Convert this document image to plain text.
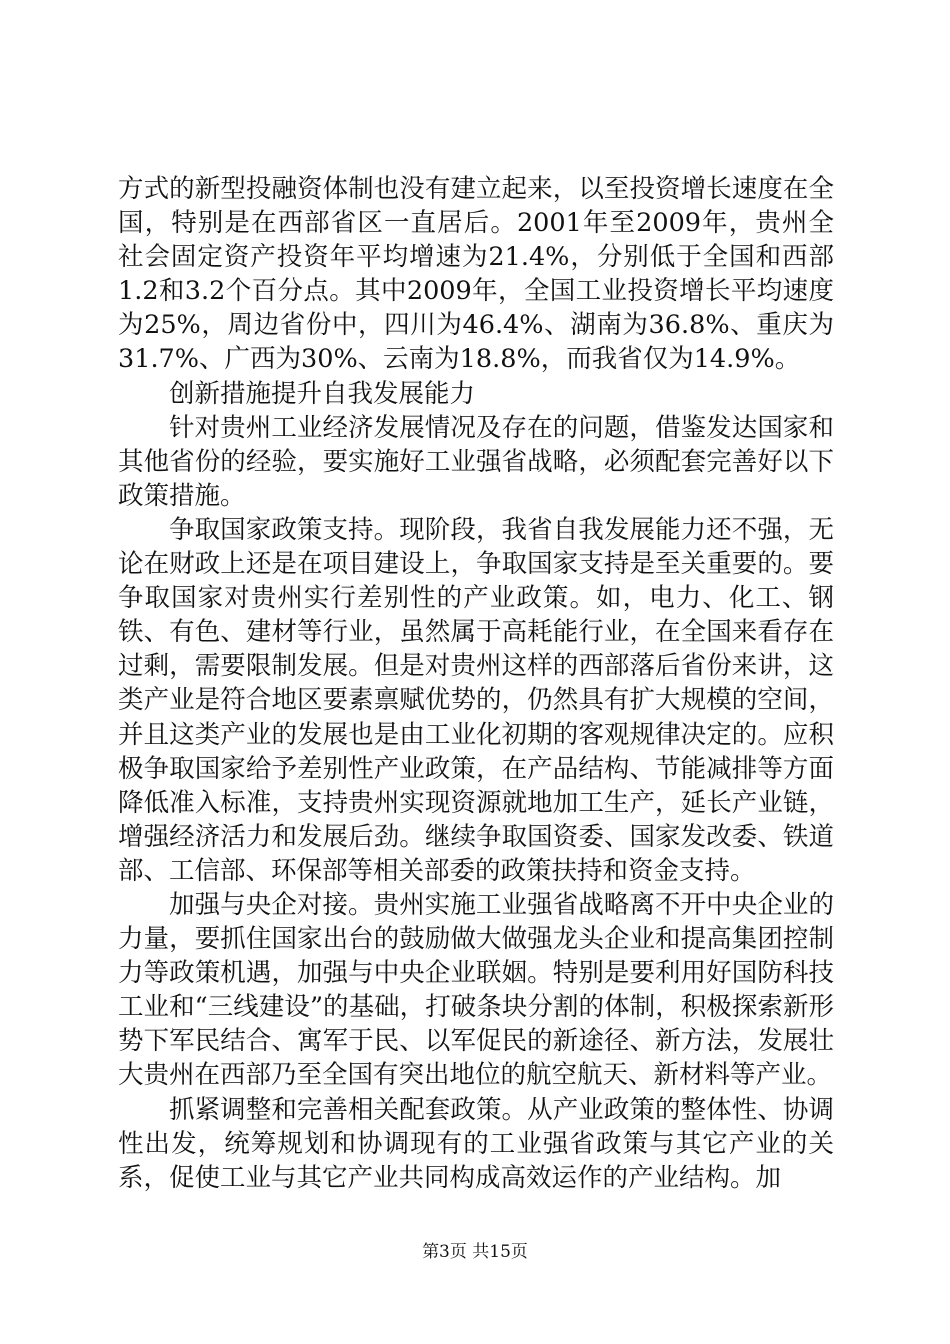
方式的新型投融资体制也没有建立起来，以至投资增长速度在全国，特别是在西部省区一直居后。2001年至2009年，贵州全社会固定资产投资年平均增速为21.4%，分别低于全国和西部1.2和3.2个百分点。其中2009年，全国工业投资增长平均速度为25%，周边省份中，四川为46.4%、湖南为36.8%、重庆为31.7%、广西为30%、云南为18.8%，而我省仅为14.9%。

创新措施提升自我发展能力

针对贵州工业经济发展情况及存在的问题，借鉴发达国家和其他省份的经验，要实施好工业强省战略，必须配套完善好以下政策措施。

争取国家政策支持。现阶段，我省自我发展能力还不强，无论在财政上还是在项目建设上，争取国家支持是至关重要的。要争取国家对贵州实行差别性的产业政策。如，电力、化工、钢铁、有色、建材等行业，虽然属于高耗能行业，在全国来看存在过剩，需要限制发展。但是对贵州这样的西部落后省份来讲，这类产业是符合地区要素禀赋优势的，仍然具有扩大规模的空间，并且这类产业的发展也是由工业化初期的客观规律决定的。应积极争取国家给予差别性产业政策，在产品结构、节能减排等方面降低准入标准，支持贵州实现资源就地加工生产，延长产业链，增强经济活力和发展后劲。继续争取国资委、国家发改委、铁道部、工信部、环保部等相关部委的政策扶持和资金支持。

加强与央企对接。贵州实施工业强省战略离不开中央企业的力量，要抓住国家出台的鼓励做大做强龙头企业和提高集团控制力等政策机遇，加强与中央企业联姻。特别是要利用好国防科技工业和“三线建设”的基础，打破条块分割的体制，积极探索新形势下军民结合、寓军于民、以军促民的新途径、新方法，发展壮大贵州在西部乃至全国有突出地位的航空航天、新材料等产业。

抓紧调整和完善相关配套政策。从产业政策的整体性、协调性出发，统筹规划和协调现有的工业强省政策与其它产业的关系，促使工业与其它产业共同构成高效运作的产业结构。加

第3页 共15页
